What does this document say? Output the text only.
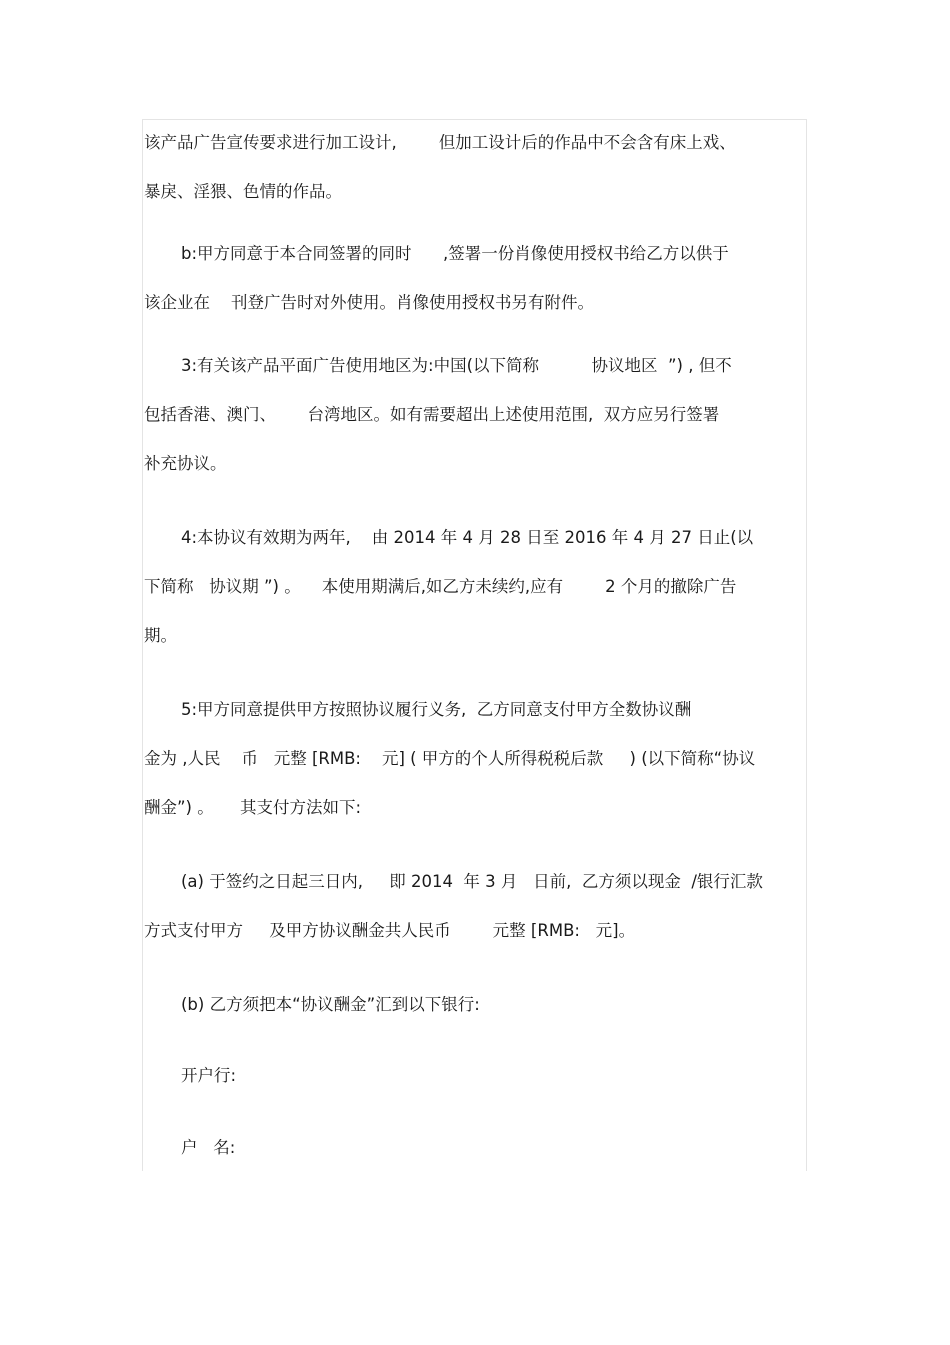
该产品广告宣传要求进行加工设计,        但加工设计后的作品中不会含有床上戏、
暴戾、淫猥、色情的作品。
b:甲方同意于本合同签署的同时      ,签署一份肖像使用授权书给乙方以供于
该企业在    刊登广告时对外使用。肖像使用授权书另有附件。
3:有关该产品平面广告使用地区为:中国(以下简称          协议地区  ”) , 但不
包括香港、澳门、      台湾地区。如有需要超出上述使用范围,  双方应另行签署
补充协议。
4:本协议有效期为两年,    由 2014 年 4 月 28 日至 2016 年 4 月 27 日止(以
下简称   协议期 ”) 。    本使用期满后,如乙方未续约,应有        2 个月的撤除广告
期。
5:甲方同意提供甲方按照协议履行义务,  乙方同意支付甲方全数协议酬
金为 ,人民    币   元整 [RMB:    元] ( 甲方的个人所得税税后款     ) (以下简称“协议
酬金”) 。     其支付方法如下:
(a) 于签约之日起三日内,     即 2014  年 3 月   日前,  乙方须以现金  /银行汇款
方式支付甲方     及甲方协议酬金共人民币        元整 [RMB:   元]。
(b) 乙方须把本“协议酬金”汇到以下银行:
开户行:
户   名:
